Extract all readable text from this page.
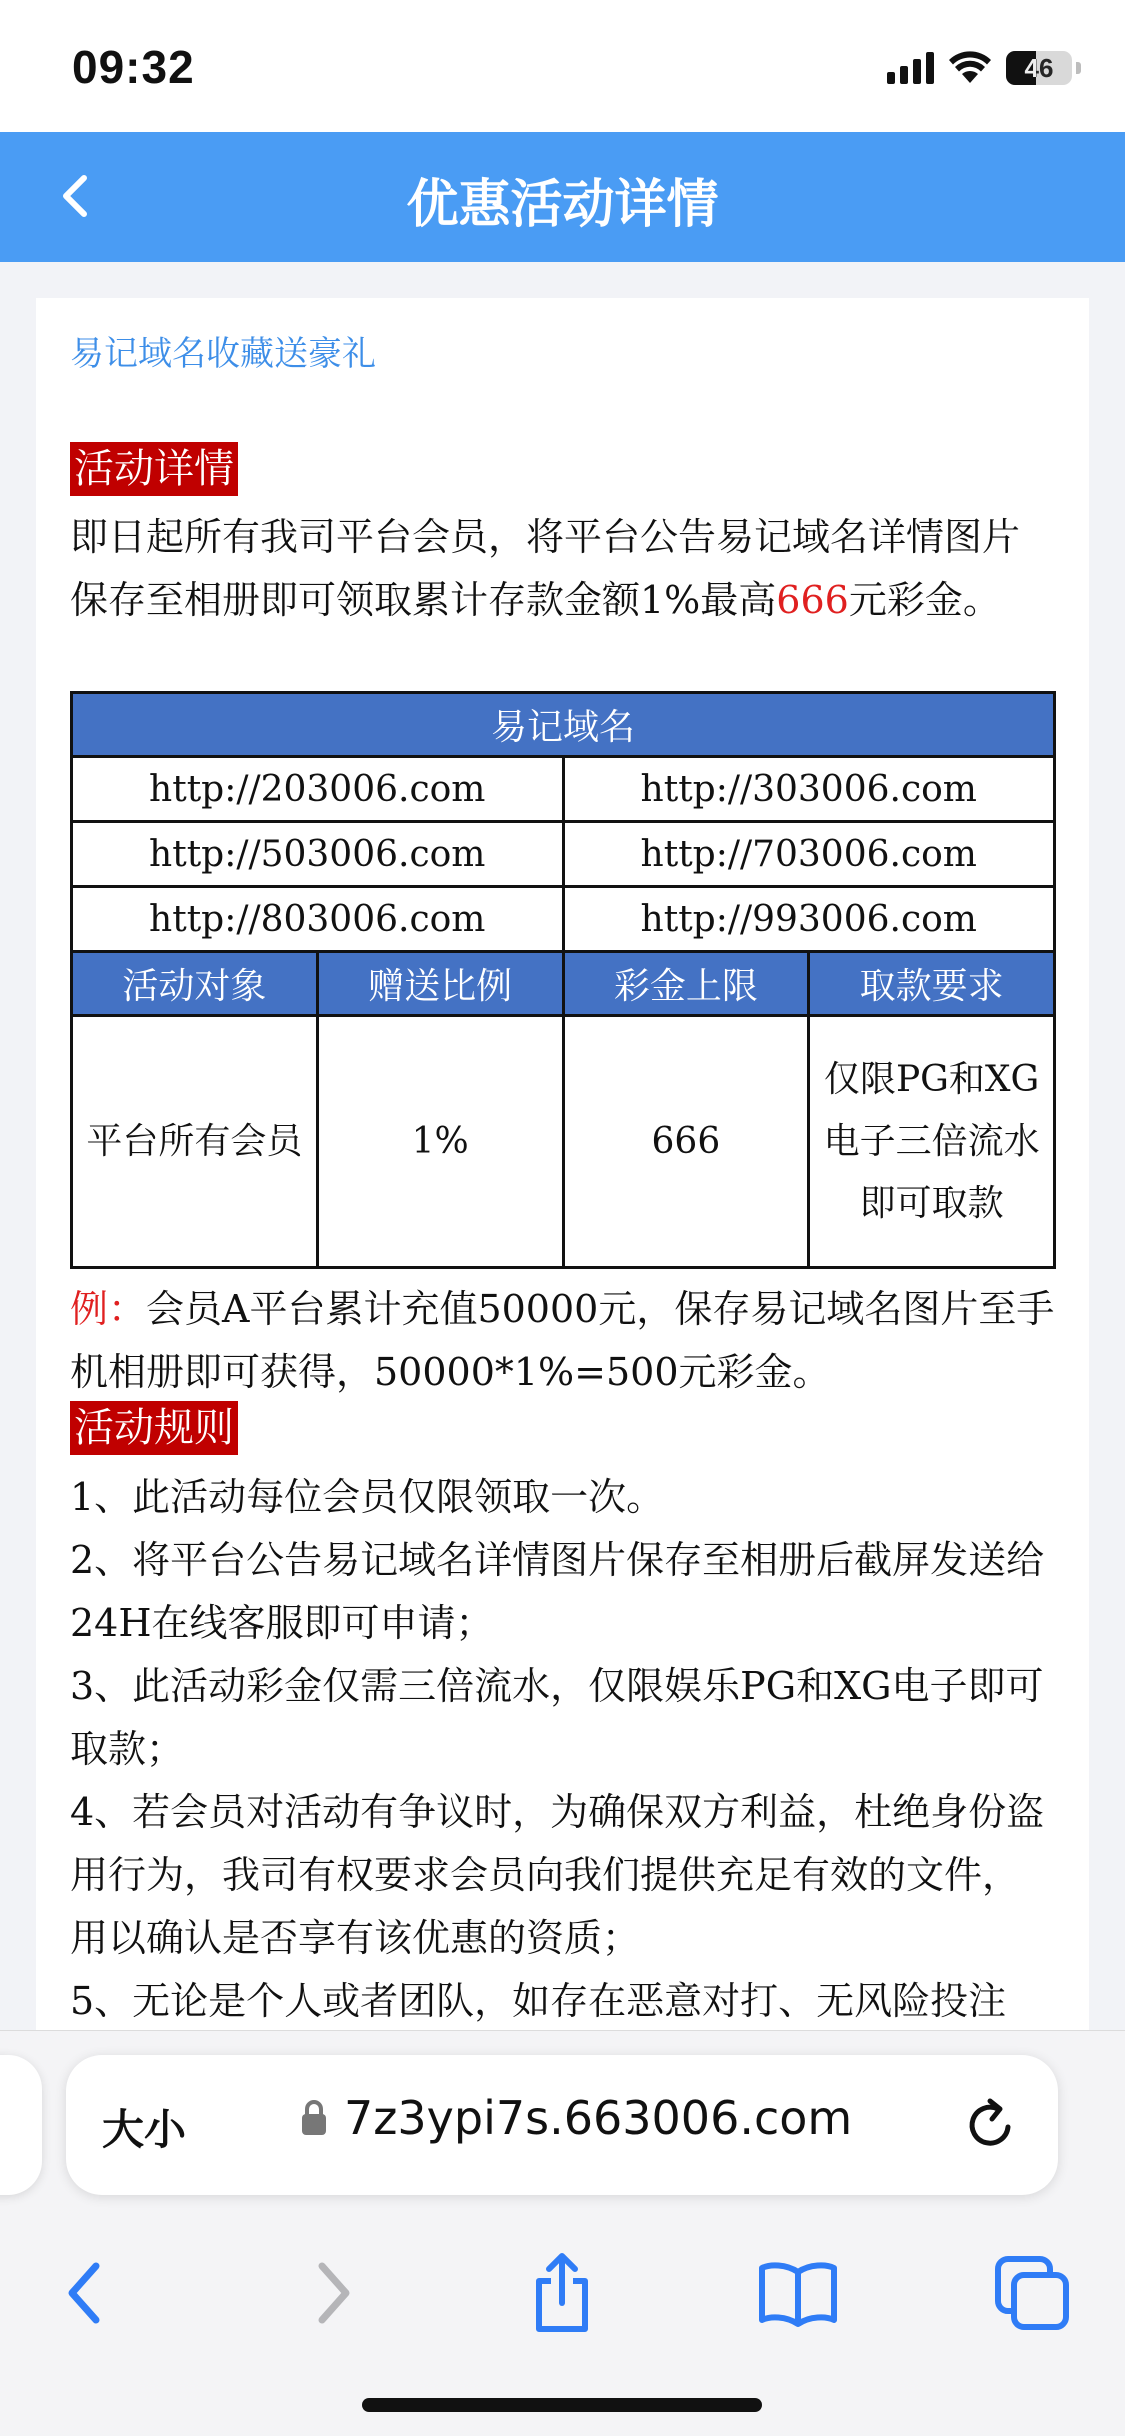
09:32	46
优惠活动详情
易记域名收藏送豪礼
活动详情
即日起所有我司平台会员，将平台公告易记域名详情图片保存至相册即可领取累计存款金额1%最高666元彩金。
易记域名	
http://203006.com	http://303006.com
http://503006.com	http://703006.com
http://803006.com	http://993006.com
活动对象	赠送比例	彩金上限	取款要求
平台所有会员	1%	666	仅限PG和XG电子三倍流水即可取款
例：会员A平台累计充值50000元，保存易记域名图片至手机相册即可获得，50000*1%=500元彩金。
活动规则
1、此活动每位会员仅限领取一次。
2、将平台公告易记域名详情图片保存至相册后截屏发送给24H在线客服即可申请；
3、此活动彩金仅需三倍流水，仅限娱乐PG和XG电子即可取款；
4、若会员对活动有争议时，为确保双方利益，杜绝身份盗用行为，我司有权要求会员向我们提供充足有效的文件，用以确认是否享有该优惠的资质；
5、无论是个人或者团队，如存在恶意对打、无风险投注
大小	7z3ypi7s.663006.com
